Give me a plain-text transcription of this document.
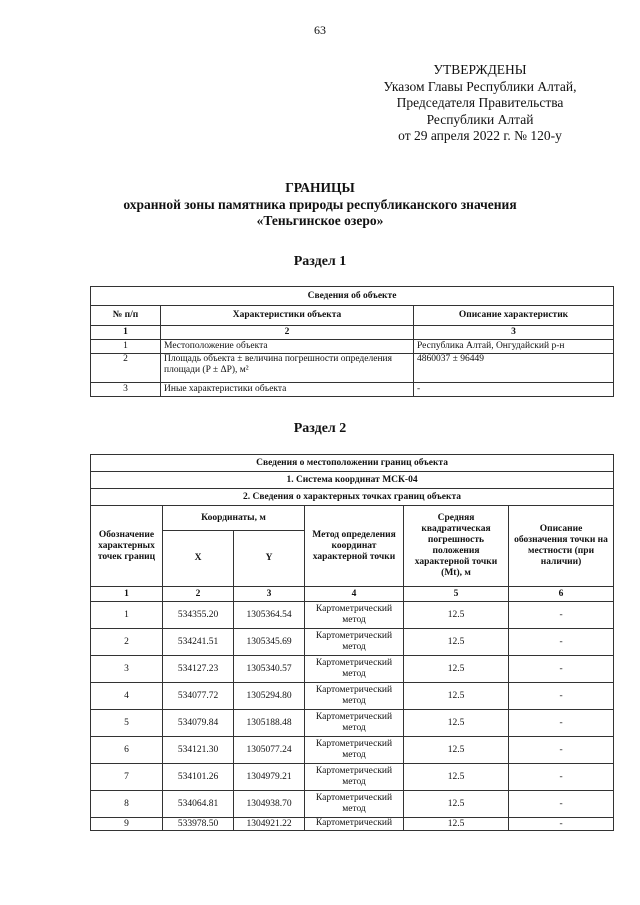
63
УТВЕРЖДЕНЫ
Указом Главы Республики Алтай,
Председателя Правительства
Республики Алтай
от 29 апреля 2022 г. № 120-у
ГРАНИЦЫ
охранной зоны памятника природы республиканского значения
«Теньгинское озеро»
Раздел 1
Сведения об объекте		
№ п/п	Характеристики объекта	Описание характеристик
1	2	3
1	Местоположение объекта	Республика Алтай, Онгудайский р-н
2	Площадь объекта ± величина погрешности определения площади (P ± ΔP), м²	4860037 ± 96449
3	Иные характеристики объекта	-
Раздел 2
Сведения о местоположении границ объекта					
1. Система координат МСК-04					
2. Сведения о характерных точках границ объекта					
Обозначение характерных точек границ	Координаты, м		Метод определения координат характерной точки	Средняя квадратическая погрешность положения характерной точки (Mt), м	Описание обозначения точки на местности (при наличии)
	X	Y			
1	2	3	4	5	6
1	534355.20	1305364.54	Картометрический метод	12.5	-
2	534241.51	1305345.69	Картометрический метод	12.5	-
3	534127.23	1305340.57	Картометрический метод	12.5	-
4	534077.72	1305294.80	Картометрический метод	12.5	-
5	534079.84	1305188.48	Картометрический метод	12.5	-
6	534121.30	1305077.24	Картометрический метод	12.5	-
7	534101.26	1304979.21	Картометрический метод	12.5	-
8	534064.81	1304938.70	Картометрический метод	12.5	-
9	533978.50	1304921.22	Картометрический	12.5	-
